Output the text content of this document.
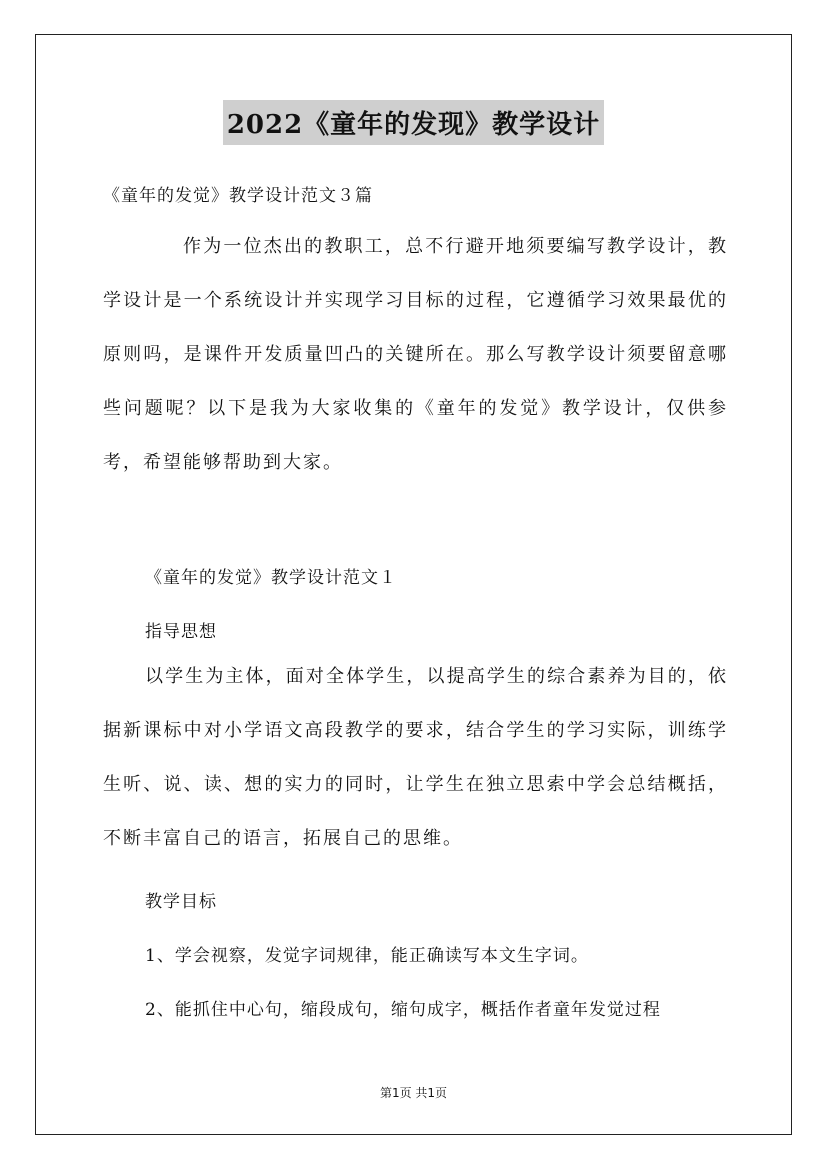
2022《童年的发现》教学设计
《童年的发觉》教学设计范文３篇
作为一位杰出的教职工，总不行避开地须要编写教学设计，教学设计是一个系统设计并实现学习目标的过程，它遵循学习效果最优的原则吗，是课件开发质量凹凸的关键所在。那么写教学设计须要留意哪些问题呢？以下是我为大家收集的《童年的发觉》教学设计，仅供参考，希望能够帮助到大家。
《童年的发觉》教学设计范文１
指导思想
以学生为主体，面对全体学生，以提高学生的综合素养为目的，依据新课标中对小学语文高段教学的要求，结合学生的学习实际，训练学生听、说、读、想的实力的同时，让学生在独立思索中学会总结概括，不断丰富自己的语言，拓展自己的思维。
教学目标
1、学会视察，发觉字词规律，能正确读写本文生字词。
2、能抓住中心句，缩段成句，缩句成字，概括作者童年发觉过程
第1页 共1页
